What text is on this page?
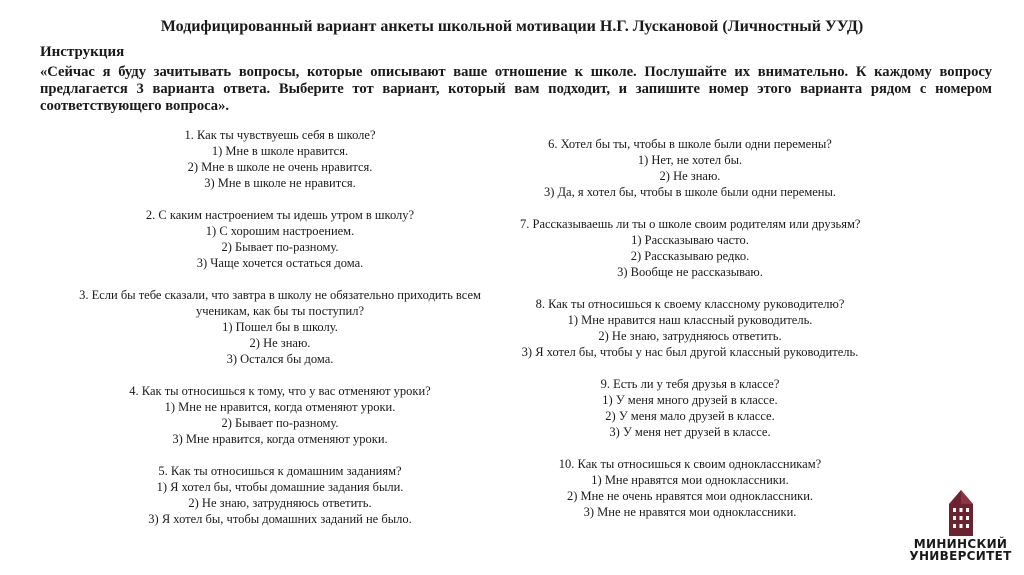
Модифицированный вариант анкеты школьной мотивации Н.Г. Лускановой (Личностный УУД)
Инструкция
«Сейчас я буду зачитывать вопросы, которые описывают ваше отношение к школе. Послушайте их внимательно. К каждому вопросу предлагается 3 варианта ответа. Выберите тот вариант, который вам подходит, и запишите номер этого варианта рядом с номером соответствующего вопроса».
1. Как ты чувствуешь себя в школе?
1) Мне в школе нравится.
2) Мне в школе не очень нравится.
3) Мне в школе не нравится.
2. С каким настроением ты идешь утром в школу?
1) С хорошим настроением.
2) Бывает по-разному.
3) Чаще хочется остаться дома.
3. Если бы тебе сказали, что завтра в школу не обязательно приходить всем
ученикам, как бы ты поступил?
1) Пошел бы в школу.
2) Не знаю.
3) Остался бы дома.
4. Как ты относишься к тому, что у вас отменяют уроки?
1) Мне не нравится, когда отменяют уроки.
2) Бывает по-разному.
3) Мне нравится, когда отменяют уроки.
5. Как ты относишься к домашним заданиям?
1) Я хотел бы, чтобы домашние задания были.
2) Не знаю, затрудняюсь ответить.
3) Я хотел бы, чтобы домашних заданий не было.
6. Хотел бы ты, чтобы в школе были одни перемены?
1) Нет, не хотел бы.
2) Не знаю.
3) Да, я хотел бы, чтобы в школе были одни перемены.
7. Рассказываешь ли ты о школе своим родителям или друзьям?
1) Рассказываю часто.
2) Рассказываю редко.
3) Вообще не рассказываю.
8. Как ты относишься к своему классному руководителю?
1) Мне нравится наш классный руководитель.
2) Не знаю, затрудняюсь ответить.
3) Я хотел бы, чтобы у нас был другой классный руководитель.
9. Есть ли у тебя друзья в классе?
1) У меня много друзей в классе.
2) У меня мало друзей в классе.
3) У меня нет друзей в классе.
10. Как ты относишься к своим одноклассникам?
1) Мне нравятся мои одноклассники.
2) Мне не очень нравятся мои одноклассники.
3) Мне не нравятся мои одноклассники.
МИНИНСКИЙ
УНИВЕРСИТЕТ
